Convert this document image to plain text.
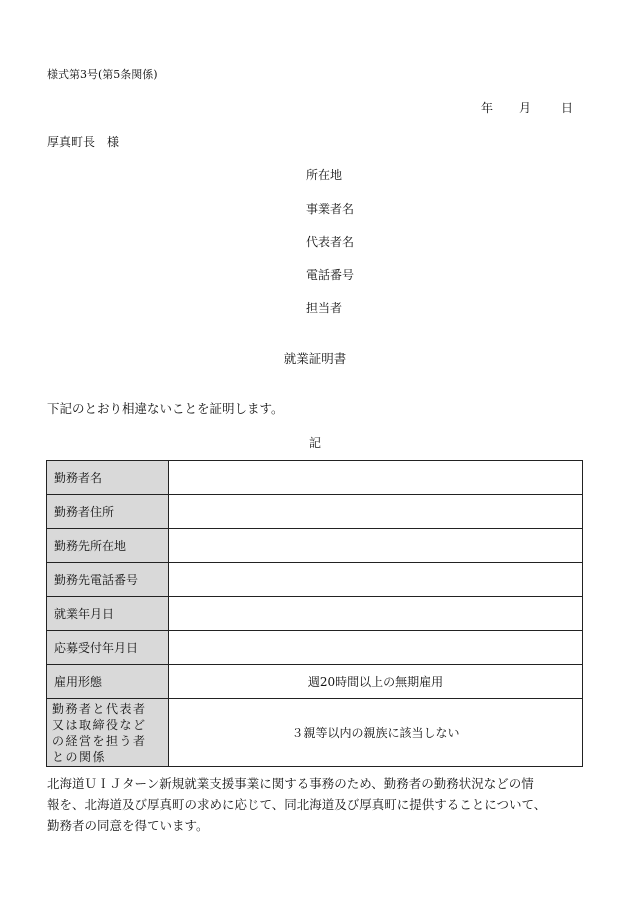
様式第3号(第5条関係)
年 月 日
厚真町長 様
所在地
事業者名
代表者名
電話番号
担当者
就業証明書
下記のとおり相違ないことを証明します。
記
勤務者名	
勤務者住所	
勤務先所在地	
勤務先電話番号	
就業年月日	
応募受付年月日	
雇用形態	週20時間以上の無期雇用

勤務者と代表者
又は取締役など
の経営を担う者
との関係	３親等以内の親族に該当しない
北海道ＵＩＪターン新規就業支援事業に関する事務のため、勤務者の勤務状況などの情
報を、北海道及び厚真町の求めに応じて、同北海道及び厚真町に提供することについて、
勤務者の同意を得ています。
